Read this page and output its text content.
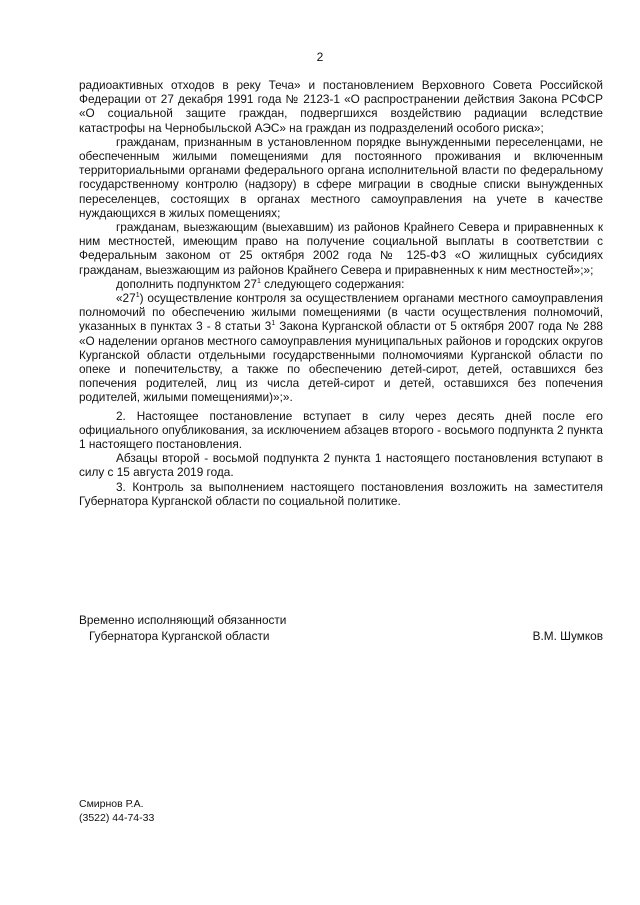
2

радиоактивных отходов в реку Теча» и постановлением Верховного Совета Российской Федерации от 27 декабря 1991 года № 2123-1 «О распространении действия Закона РСФСР «О социальной защите граждан, подвергшихся воздействию радиации вследствие катастрофы на Чернобыльской АЭС» на граждан из подразделений особого риска»;

гражданам, признанным в установленном порядке вынужденными переселенцами, не обеспеченным жилыми помещениями для постоянного проживания и включенным территориальными органами федерального органа исполнительной власти по федеральному государственному контролю (надзору) в сфере миграции в сводные списки вынужденных переселенцев, состоящих в органах местного самоуправления на учете в качестве нуждающихся в жилых помещениях;

гражданам, выезжающим (выехавшим) из районов Крайнего Севера и приравненных к ним местностей, имеющим право на получение социальной выплаты в соответствии с Федеральным законом от 25 октября 2002 года № 125-ФЗ «О жилищных субсидиях гражданам, выезжающим из районов Крайнего Севера и приравненных к ним местностей»;»;

дополнить подпунктом $27^1$ следующего содержания:

«$27^1$) осуществление контроля за осуществлением органами местного самоуправления полномочий по обеспечению жилыми помещениями (в части осуществления полномочий, указанных в пунктах 3 - 8 статьи $3^1$ Закона Курганской области от 5 октября 2007 года № 288 «О наделении органов местного самоуправления муниципальных районов и городских округов Курганской области отдельными государственными полномочиями Курганской области по опеке и попечительству, а также по обеспечению детей-сирот, детей, оставшихся без попечения родителей, лиц из числа детей-сирот и детей, оставшихся без попечения родителей, жилыми помещениями)»;».

2. Настоящее постановление вступает в силу через десять дней после его официального опубликования, за исключением абзацев второго - восьмого подпункта 2 пункта 1 настоящего постановления.

Абзацы второй - восьмой подпункта 2 пункта 1 настоящего постановления вступают в силу с 15 августа 2019 года.

3. Контроль за выполнением настоящего постановления возложить на заместителя Губернатора Курганской области по социальной политике.

Временно исполняющий обязанности
Губернатора Курганской области	В.М. Шумков
Смирнов Р.А.
(3522) 44-74-33
